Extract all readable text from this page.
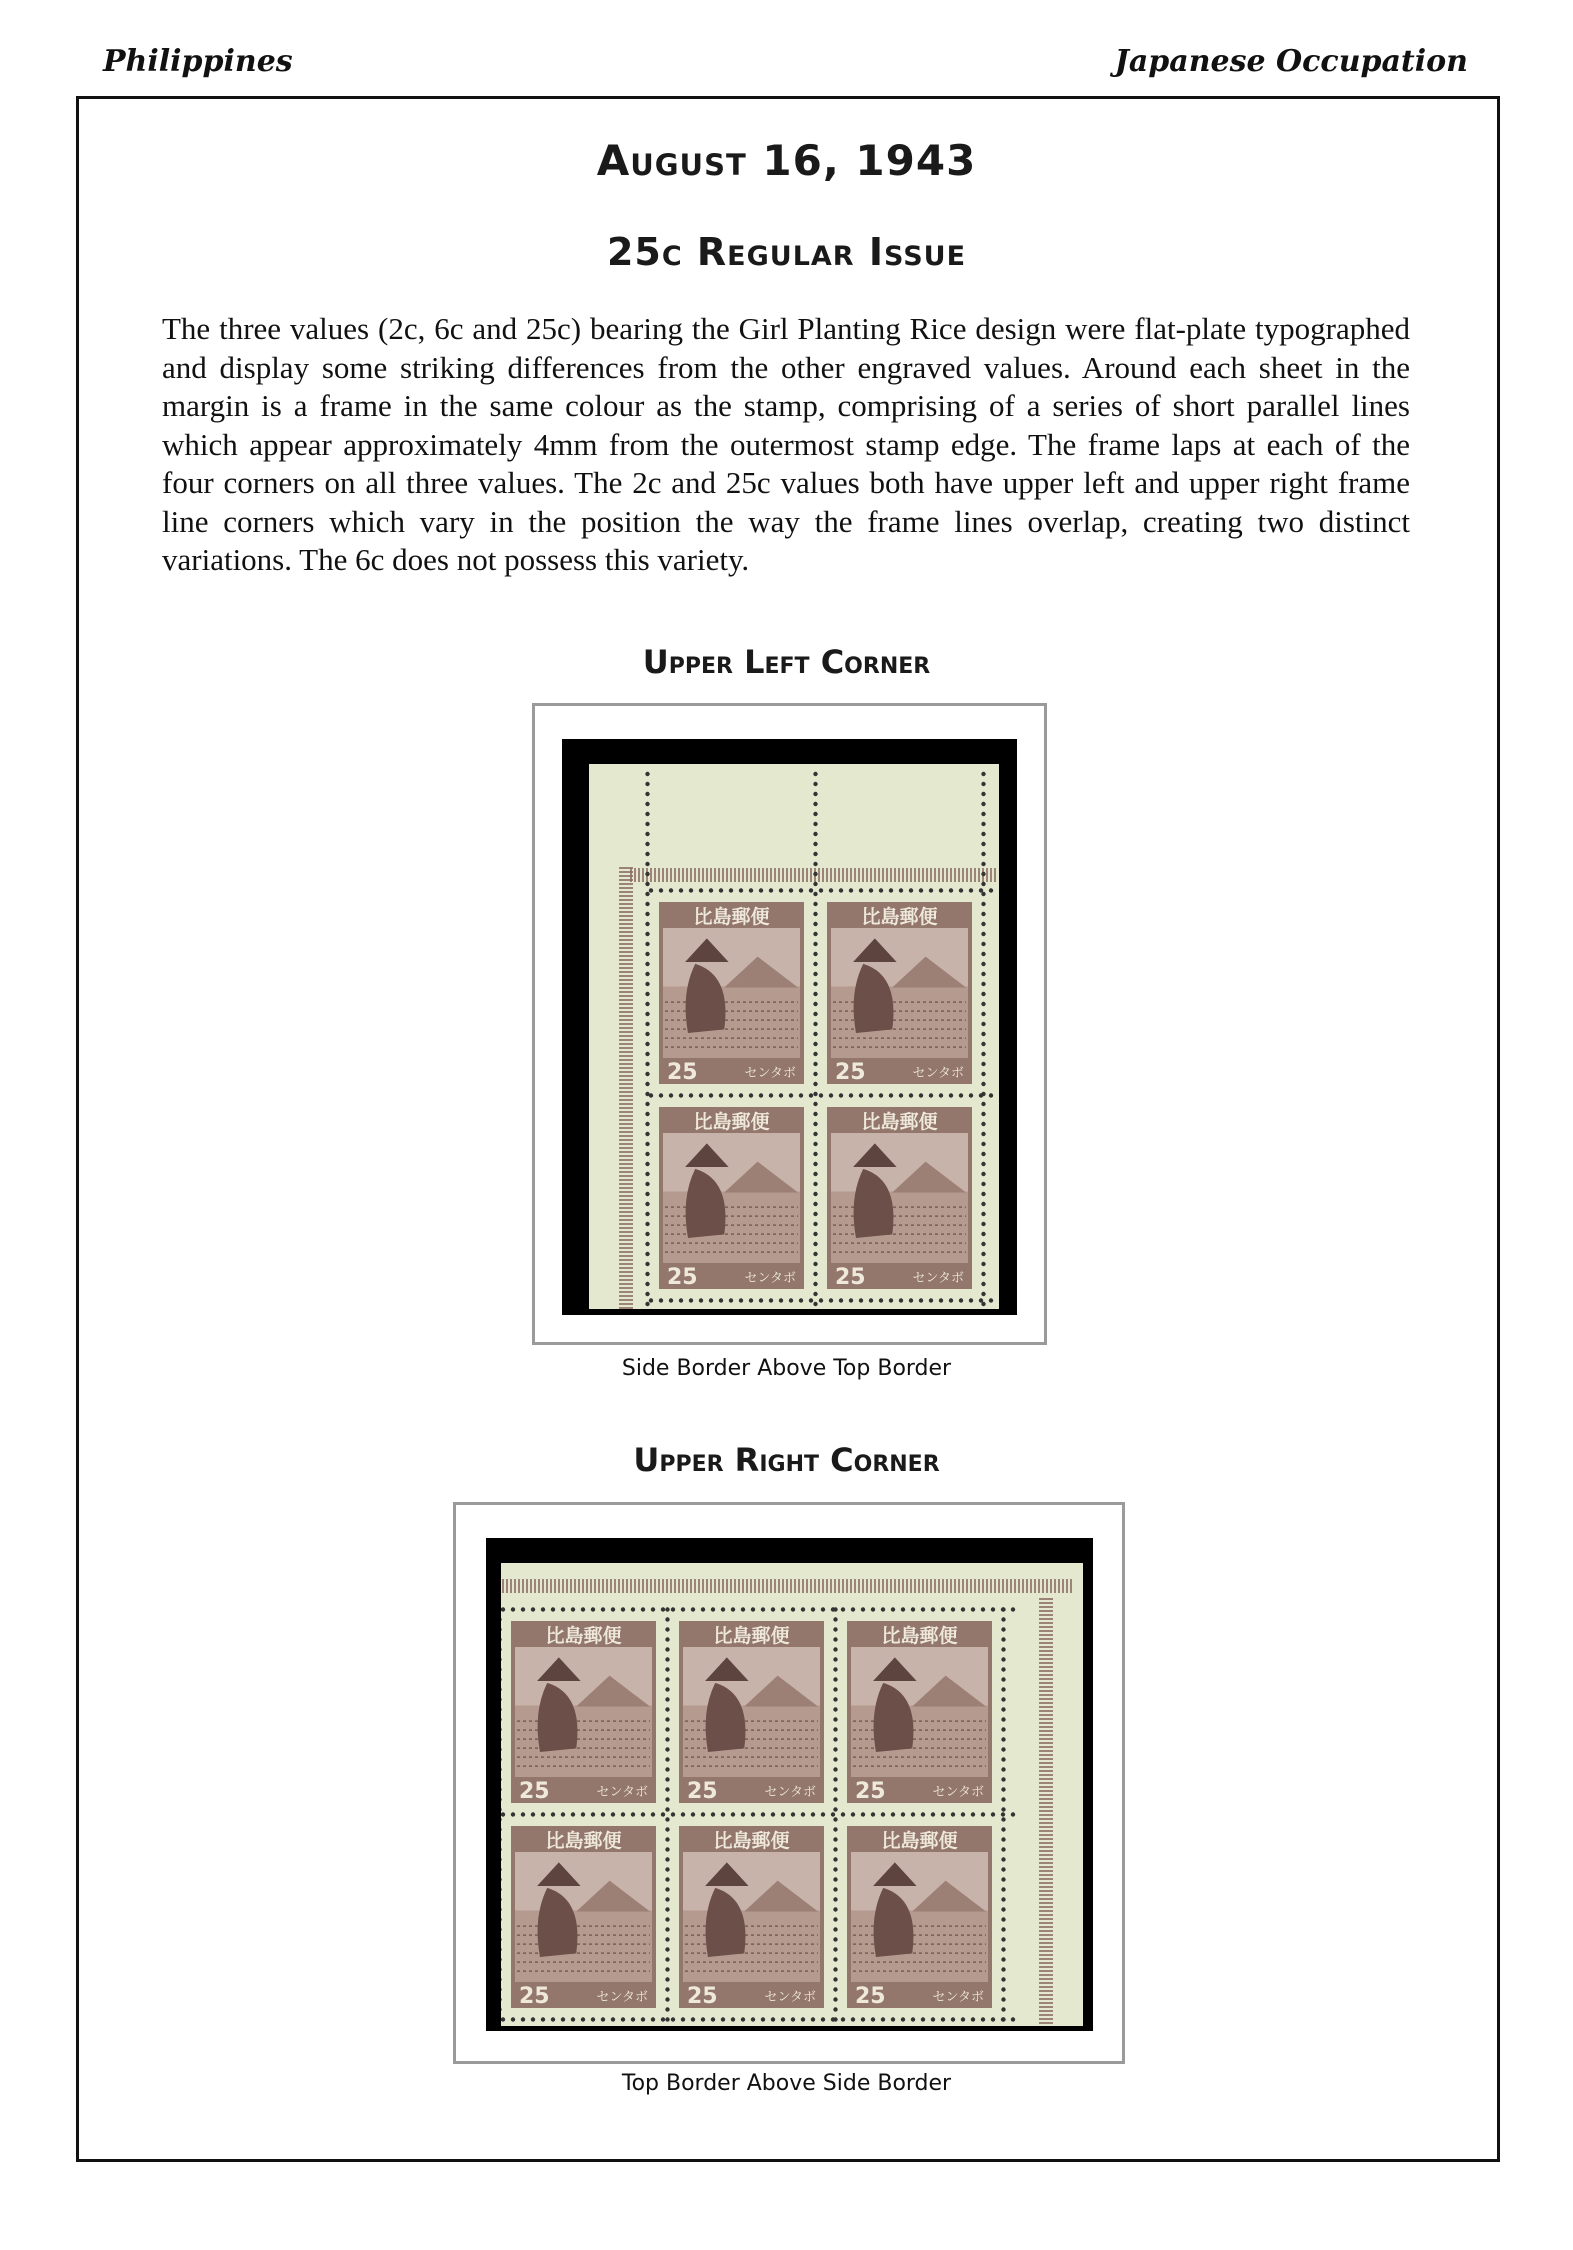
Philippines	Japanese Occupation
August 16, 1943
25c Regular Issue
The three values (2c, 6c and 25c) bearing the Girl Planting Rice design were flat-plate typographed and display some striking differences from the other engraved values. Around each sheet in the margin is a frame in the same colour as the stamp, comprising of a series of short parallel lines which appear approximately 4mm from the outermost stamp edge. The frame laps at each of the four corners on all three values. The 2c and 25c values both have upper left and upper right frame line corners which vary in the position the way the frame lines overlap, creating two distinct variations. The 6c does not possess this variety.
Upper Left Corner
比島郵便
25	センタボ
比島郵便
25	センタボ
比島郵便
25	センタボ
比島郵便
25	センタボ
Side Border Above Top Border
Upper Right Corner
比島郵便
25	センタボ
比島郵便
25	センタボ
比島郵便
25	センタボ
比島郵便
25	センタボ
比島郵便
25	センタボ
比島郵便
25	センタボ
Top Border Above Side Border
